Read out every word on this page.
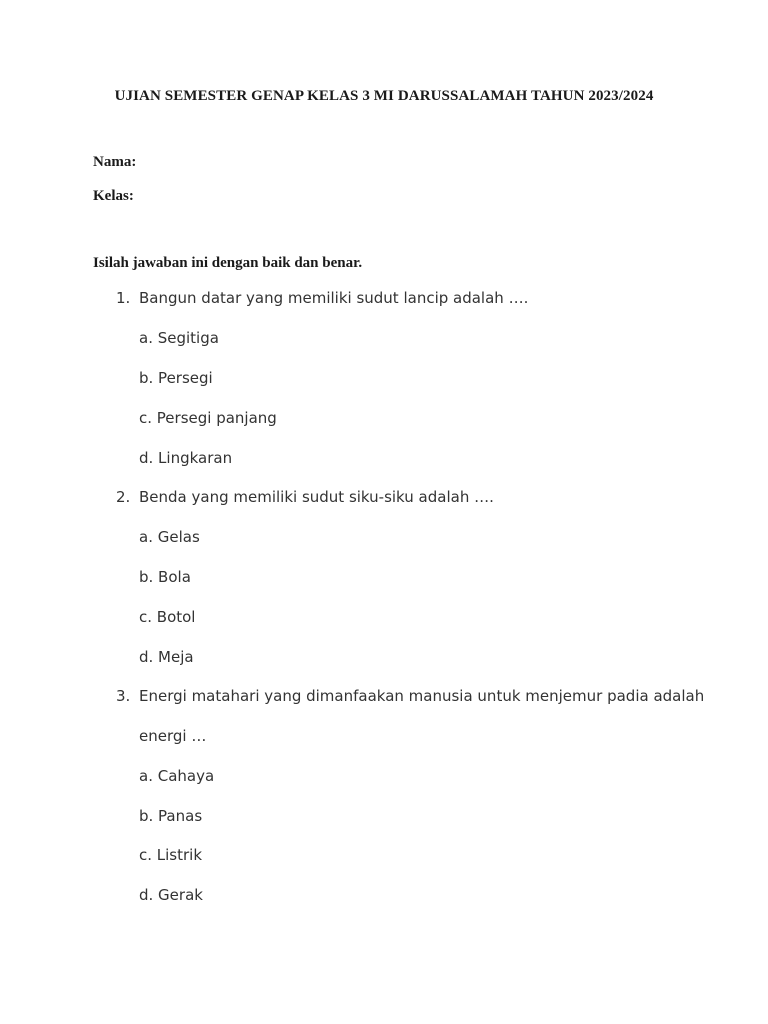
UJIAN SEMESTER GENAP KELAS 3 MI DARUSSALAMAH TAHUN 2023/2024
Nama:
Kelas:
Isilah jawaban ini dengan baik dan benar.
1. Bangun datar yang memiliki sudut lancip adalah ….
a. Segitiga
b. Persegi
c. Persegi panjang
d. Lingkaran
2. Benda yang memiliki sudut siku-siku adalah ….
a. Gelas
b. Bola
c. Botol
d. Meja
3. Energi matahari yang dimanfaakan manusia untuk menjemur padia adalah
energi …
a. Cahaya
b. Panas
c. Listrik
d. Gerak
